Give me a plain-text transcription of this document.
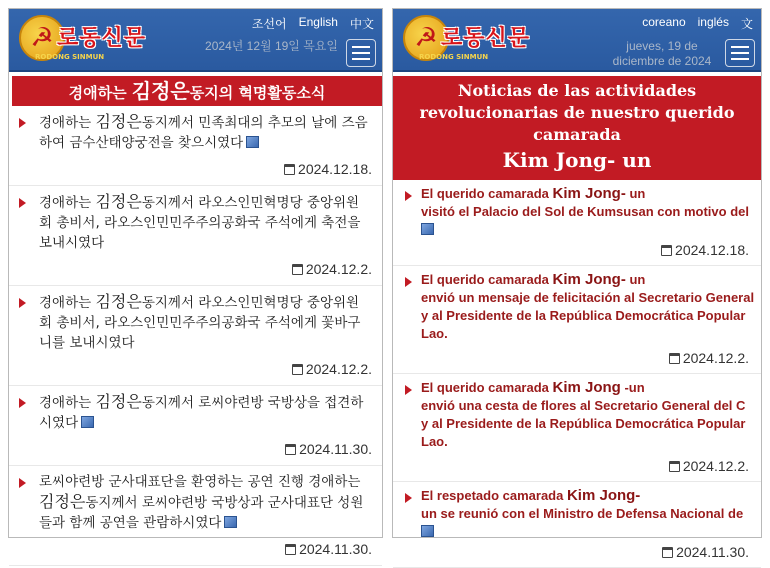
☭ 로동신문
RODONG SINMUN
조선어 English 中文
2024년 12월 19일 목요일
경애하는 김정은동지의 혁명활동소식
경애하는 김정은동지께서 민족최대의 추모의 날에 즈음하여 금수산태양궁전을 찾으시였다
2024.12.18.
경애하는 김정은동지께서 라오스인민혁명당 중앙위원회 총비서, 라오스인민민주주의공화국 주석에게 축전을 보내시였다
2024.12.2.
경애하는 김정은동지께서 라오스인민혁명당 중앙위원회 총비서, 라오스인민민주주의공화국 주석에게 꽃바구니를 보내시였다
2024.12.2.
경애하는 김정은동지께서 로씨야련방 국방상을 접견하시였다
2024.11.30.
로씨야련방 군사대표단을 환영하는 공연 진행 경애하는 김정은동지께서 로씨야련방 국방상과 군사대표단 성원들과 함께 공연을 관람하시였다
2024.11.30.
☭ 로동신문
RODONG SINMUN
coreano inglés 文
jueves, 19 de diciembre de 2024
Noticias de las actividades revolucionarias de nuestro querido camarada
Kim Jong- un
El querido camarada Kim Jong- un
visitó el Palacio del Sol de Kumsusan con motivo del
2024.12.18.
El querido camarada Kim Jong- un
envió un mensaje de felicitación al Secretario General
y al Presidente de la República Democrática Popular Lao.
2024.12.2.
El querido camarada Kim Jong -un
envió una cesta de flores al Secretario General del C
y al Presidente de la República Democrática Popular Lao.
2024.12.2.
El respetado camarada Kim Jong-
un se reunió con el Ministro de Defensa Nacional de
2024.11.30.
